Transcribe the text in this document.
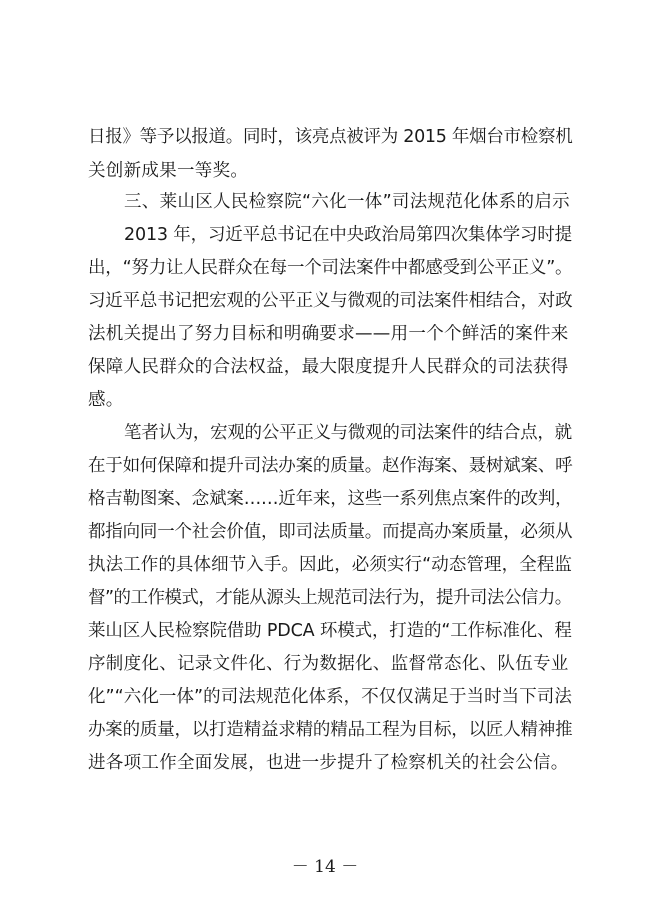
日报》等予以报道。同时，该亮点被评为 2015 年烟台市检察机
关创新成果一等奖。
三、莱山区人民检察院“六化一体”司法规范化体系的启示
2013 年，习近平总书记在中央政治局第四次集体学习时提
出，“努力让人民群众在每一个司法案件中都感受到公平正义”。
习近平总书记把宏观的公平正义与微观的司法案件相结合，对政
法机关提出了努力目标和明确要求——用一个个鲜活的案件来
保障人民群众的合法权益，最大限度提升人民群众的司法获得
感。
笔者认为，宏观的公平正义与微观的司法案件的结合点，就
在于如何保障和提升司法办案的质量。赵作海案、聂树斌案、呼
格吉勒图案、念斌案……近年来，这些一系列焦点案件的改判，
都指向同一个社会价值，即司法质量。而提高办案质量，必须从
执法工作的具体细节入手。因此，必须实行“动态管理，全程监
督”的工作模式，才能从源头上规范司法行为，提升司法公信力。
莱山区人民检察院借助 PDCA 环模式，打造的“工作标准化、程
序制度化、记录文件化、行为数据化、监督常态化、队伍专业
化”“六化一体”的司法规范化体系，不仅仅满足于当时当下司法
办案的质量，以打造精益求精的精品工程为目标，以匠人精神推
进各项工作全面发展，也进一步提升了检察机关的社会公信。
－ 14 －
